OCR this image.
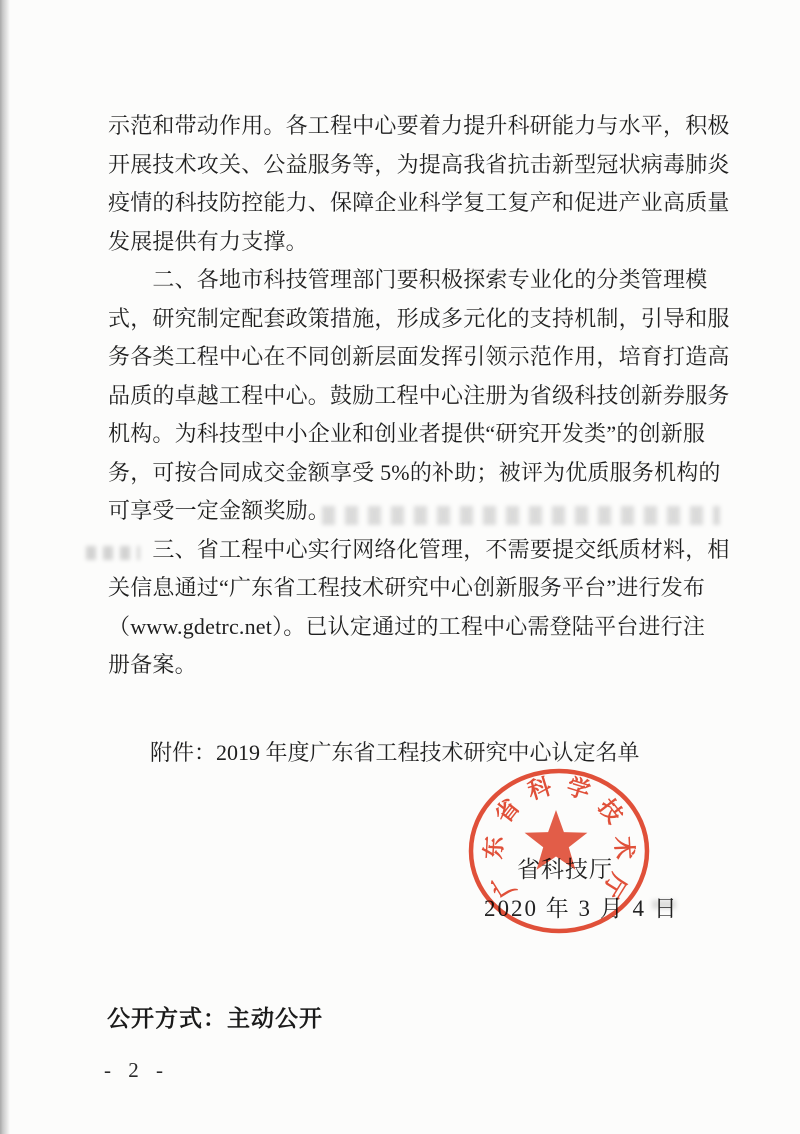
示范和带动作用。各工程中心要着力提升科研能力与水平，积极
开展技术攻关、公益服务等，为提高我省抗击新型冠状病毒肺炎
疫情的科技防控能力、保障企业科学复工复产和促进产业高质量
发展提供有力支撑。
　　二、各地市科技管理部门要积极探索专业化的分类管理模
式，研究制定配套政策措施，形成多元化的支持机制，引导和服
务各类工程中心在不同创新层面发挥引领示范作用，培育打造高
品质的卓越工程中心。鼓励工程中心注册为省级科技创新券服务
机构。为科技型中小企业和创业者提供“研究开发类”的创新服
务，可按合同成交金额享受 5%的补助；被评为优质服务机构的
可享受一定金额奖励。
　　三、省工程中心实行网络化管理，不需要提交纸质材料，相
关信息通过“广东省工程技术研究中心创新服务平台”进行发布
（www.gdetrc.net）。已认定通过的工程中心需登陆平台进行注
册备案。
附件：2019 年度广东省工程技术研究中心认定名单
省科技厅
2020 年 3 月 4 日
广
东
省
科 学
技
术
厅
公开方式：主动公开
- 2 -
